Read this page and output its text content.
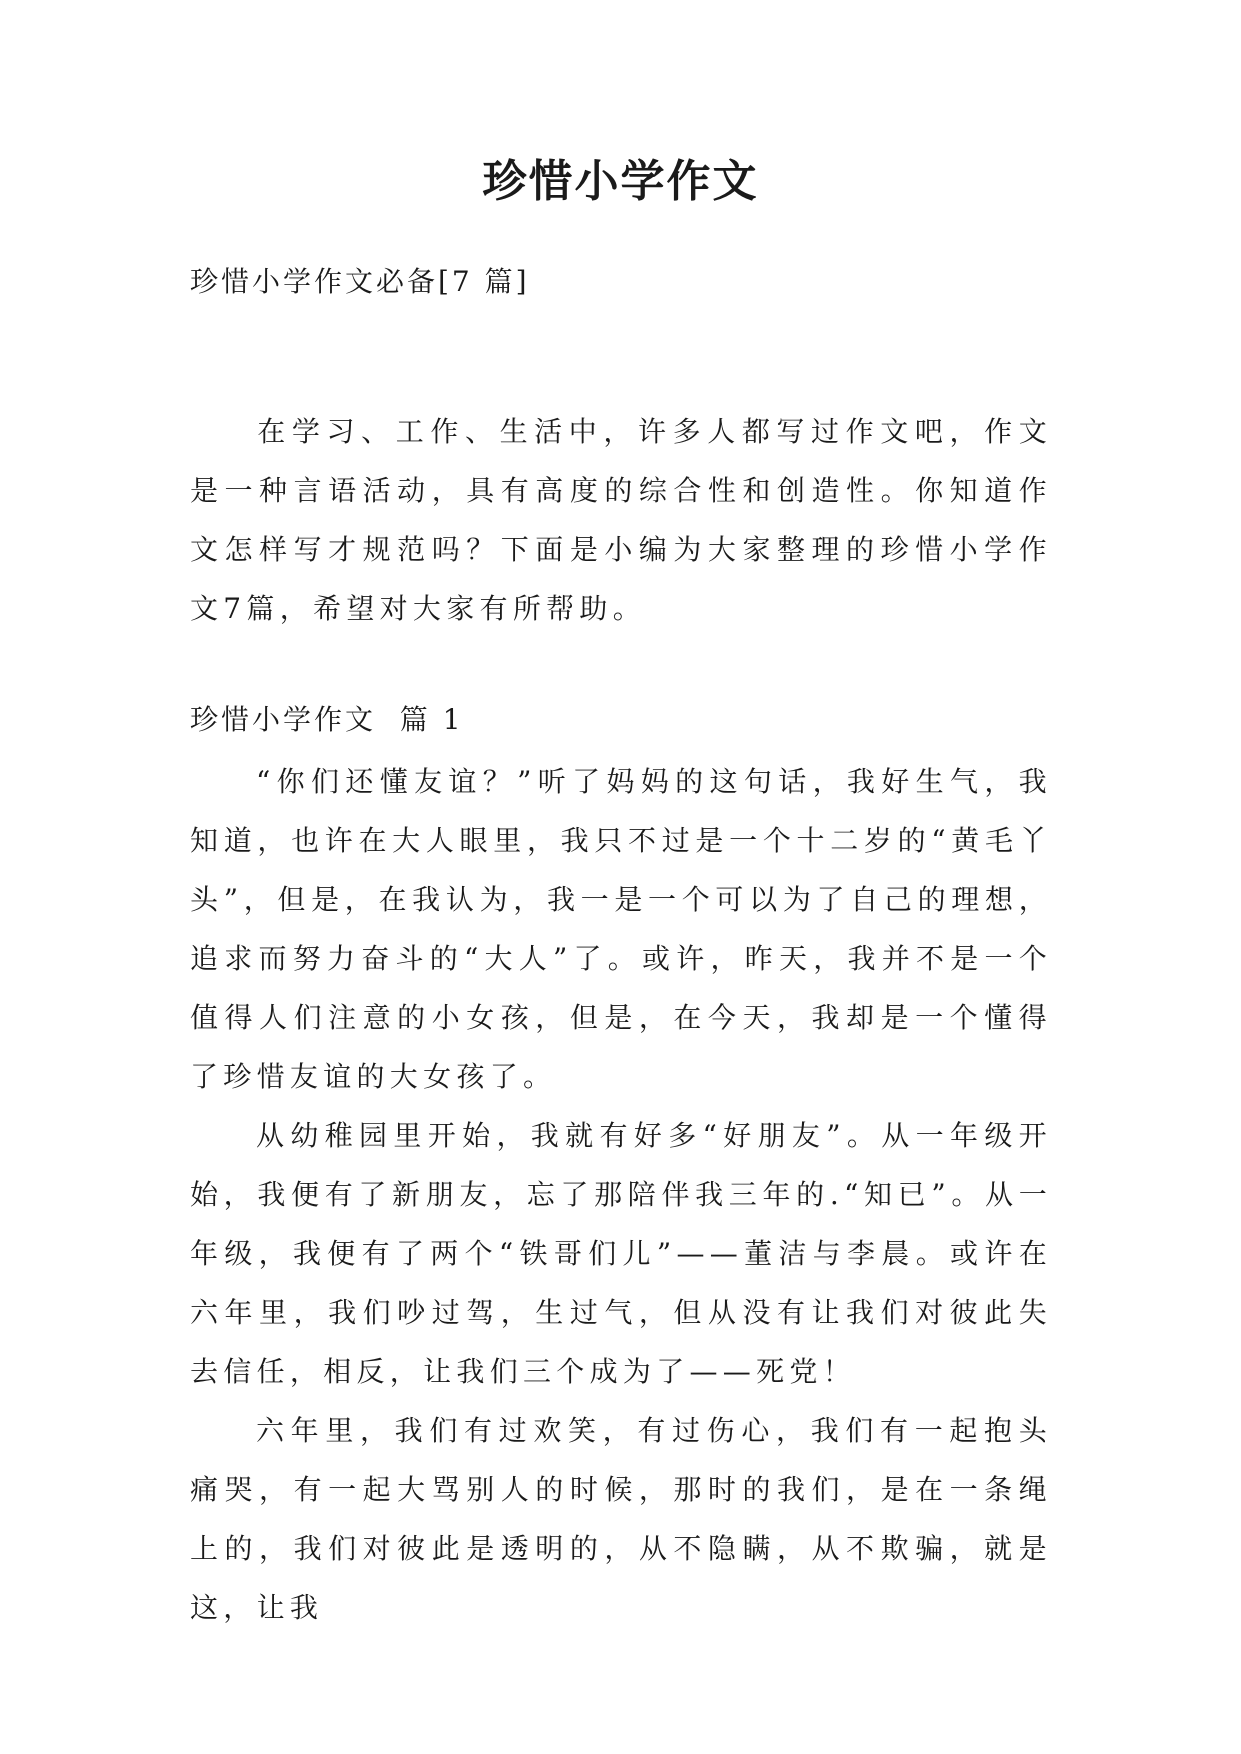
珍惜小学作文

珍惜小学作文必备[7 篇]

在学习、工作、生活中，许多人都写过作文吧，作文是一种言语活动，具有高度的综合性和创造性。你知道作文怎样写才规范吗？下面是小编为大家整理的珍惜小学作文7篇，希望对大家有所帮助。

珍惜小学作文  篇 1

“你们还懂友谊？”听了妈妈的这句话，我好生气，我知道，也许在大人眼里，我只不过是一个十二岁的“黄毛丫头”，但是，在我认为，我一是一个可以为了自己的理想，追求而努力奋斗的“大人”了。或许，昨天，我并不是一个值得人们注意的小女孩，但是，在今天，我却是一个懂得了珍惜友谊的大女孩了。

从幼稚园里开始，我就有好多“好朋友”。从一年级开始，我便有了新朋友，忘了那陪伴我三年的.“知已”。从一年级，我便有了两个“铁哥们儿”——董洁与李晨。或许在六年里，我们吵过驾，生过气，但从没有让我们对彼此失去信任，相反，让我们三个成为了——死党！

六年里，我们有过欢笑，有过伤心，我们有一起抱头痛哭，有一起大骂别人的时候，那时的我们，是在一条绳上的，我们对彼此是透明的，从不隐瞒，从不欺骗，就是这，让我
